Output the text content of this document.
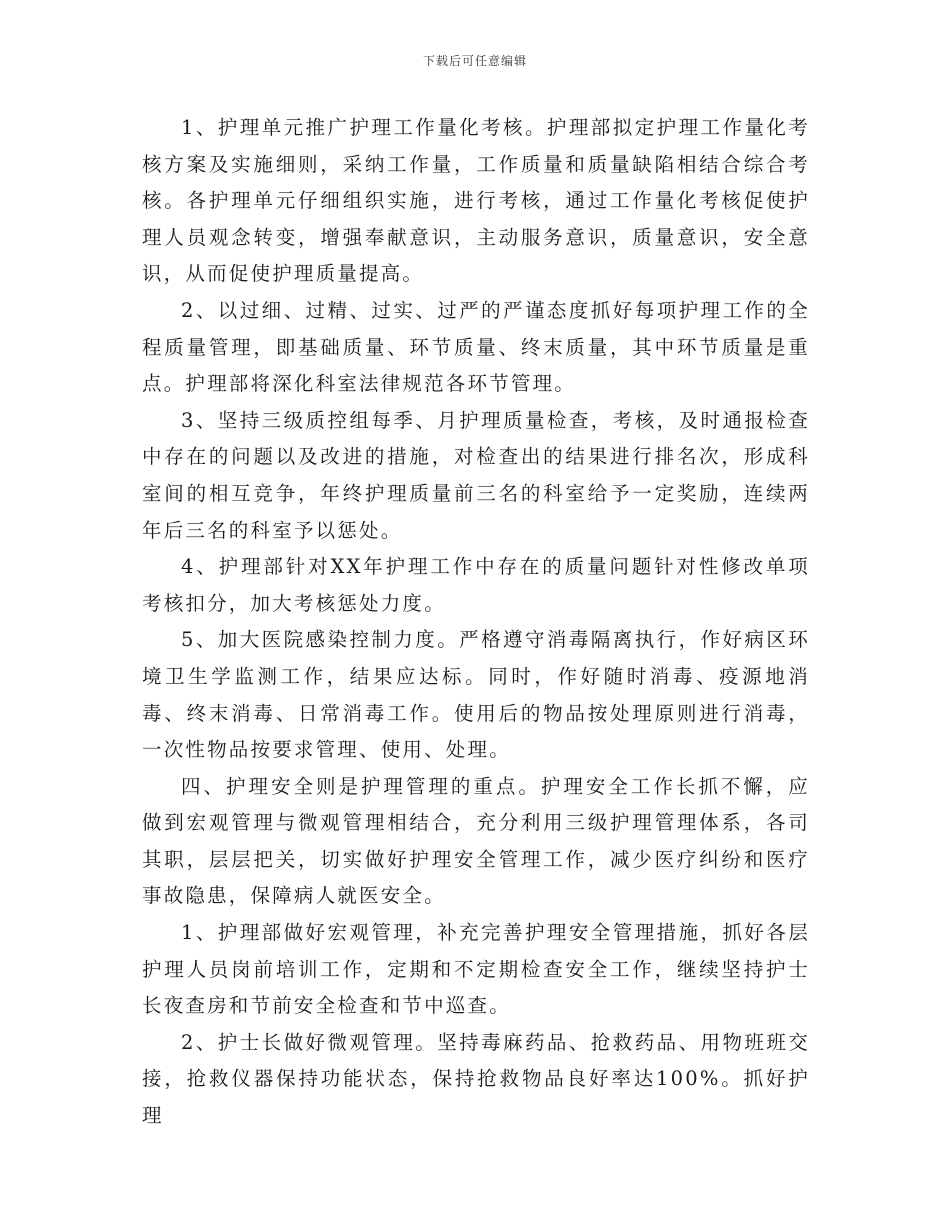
下载后可任意编辑

1、护理单元推广护理工作量化考核。护理部拟定护理工作量化考核方案及实施细则，采纳工作量，工作质量和质量缺陷相结合综合考核。各护理单元仔细组织实施，进行考核，通过工作量化考核促使护理人员观念转变，增强奉献意识，主动服务意识，质量意识，安全意识，从而促使护理质量提高。

2、以过细、过精、过实、过严的严谨态度抓好每项护理工作的全程质量管理，即基础质量、环节质量、终末质量，其中环节质量是重点。护理部将深化科室法律规范各环节管理。

3、坚持三级质控组每季、月护理质量检查，考核，及时通报检查中存在的问题以及改进的措施，对检查出的结果进行排名次，形成科室间的相互竞争，年终护理质量前三名的科室给予一定奖励，连续两年后三名的科室予以惩处。

4、护理部针对XX年护理工作中存在的质量问题针对性修改单项考核扣分，加大考核惩处力度。

5、加大医院感染控制力度。严格遵守消毒隔离执行，作好病区环境卫生学监测工作，结果应达标。同时，作好随时消毒、疫源地消毒、终末消毒、日常消毒工作。使用后的物品按处理原则进行消毒，一次性物品按要求管理、使用、处理。

四、护理安全则是护理管理的重点。护理安全工作长抓不懈，应做到宏观管理与微观管理相结合，充分利用三级护理管理体系，各司其职，层层把关，切实做好护理安全管理工作，减少医疗纠纷和医疗事故隐患，保障病人就医安全。

1、护理部做好宏观管理，补充完善护理安全管理措施，抓好各层护理人员岗前培训工作，定期和不定期检查安全工作，继续坚持护士长夜查房和节前安全检查和节中巡查。

2、护士长做好微观管理。坚持毒麻药品、抢救药品、用物班班交接，抢救仪器保持功能状态，保持抢救物品良好率达100%。抓好护理
